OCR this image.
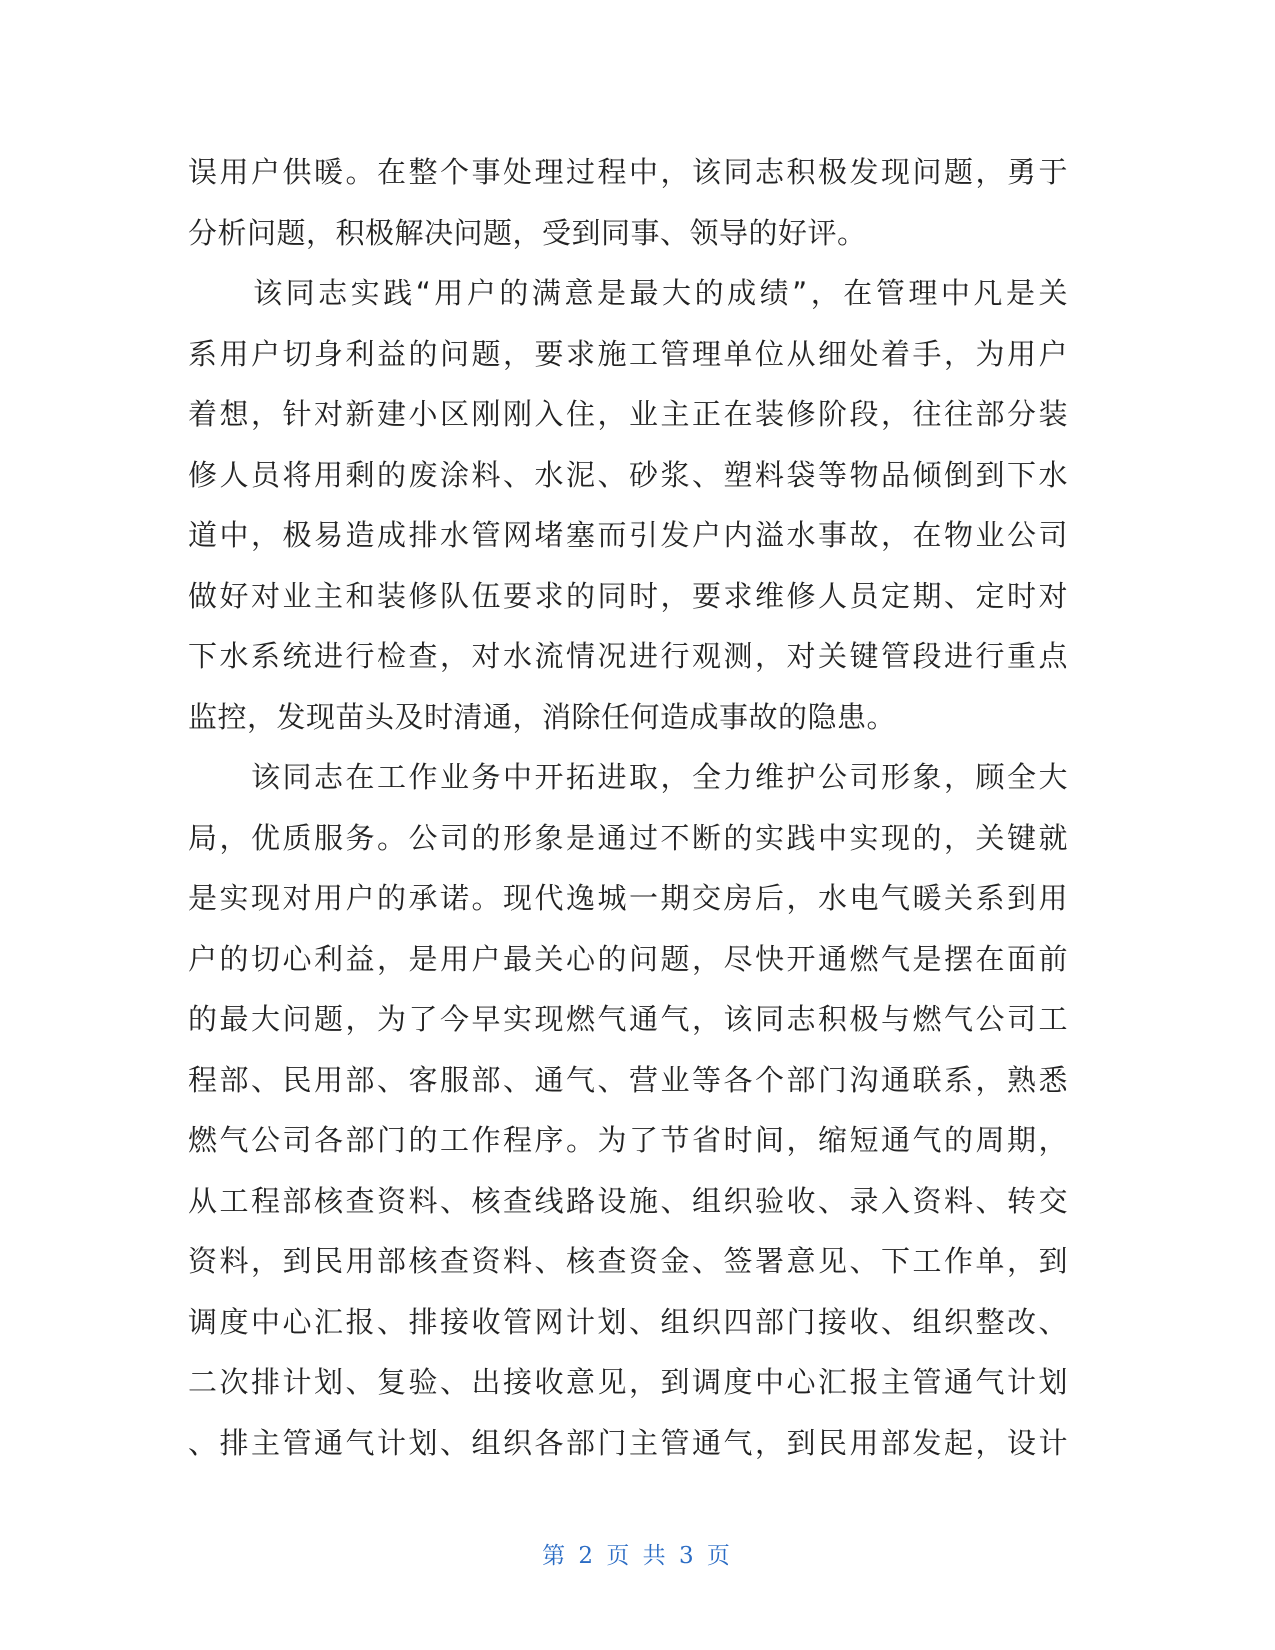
误用户供暖。在整个事处理过程中，该同志积极发现问题，勇于
分析问题，积极解决问题，受到同事、领导的好评。
　　该同志实践“用户的满意是最大的成绩”，在管理中凡是关
系用户切身利益的问题，要求施工管理单位从细处着手，为用户
着想，针对新建小区刚刚入住，业主正在装修阶段，往往部分装
修人员将用剩的废涂料、水泥、砂浆、塑料袋等物品倾倒到下水
道中，极易造成排水管网堵塞而引发户内溢水事故，在物业公司
做好对业主和装修队伍要求的同时，要求维修人员定期、定时对
下水系统进行检查，对水流情况进行观测，对关键管段进行重点
监控，发现苗头及时清通，消除任何造成事故的隐患。
　　该同志在工作业务中开拓进取，全力维护公司形象，顾全大
局，优质服务。公司的形象是通过不断的实践中实现的，关键就
是实现对用户的承诺。现代逸城一期交房后，水电气暖关系到用
户的切心利益，是用户最关心的问题，尽快开通燃气是摆在面前
的最大问题，为了今早实现燃气通气，该同志积极与燃气公司工
程部、民用部、客服部、通气、营业等各个部门沟通联系，熟悉
燃气公司各部门的工作程序。为了节省时间，缩短通气的周期，
从工程部核查资料、核查线路设施、组织验收、录入资料、转交
资料，到民用部核查资料、核查资金、签署意见、下工作单，到
调度中心汇报、排接收管网计划、组织四部门接收、组织整改、
二次排计划、复验、出接收意见，到调度中心汇报主管通气计划
、排主管通气计划、组织各部门主管通气，到民用部发起，设计
第 2 页 共 3 页
